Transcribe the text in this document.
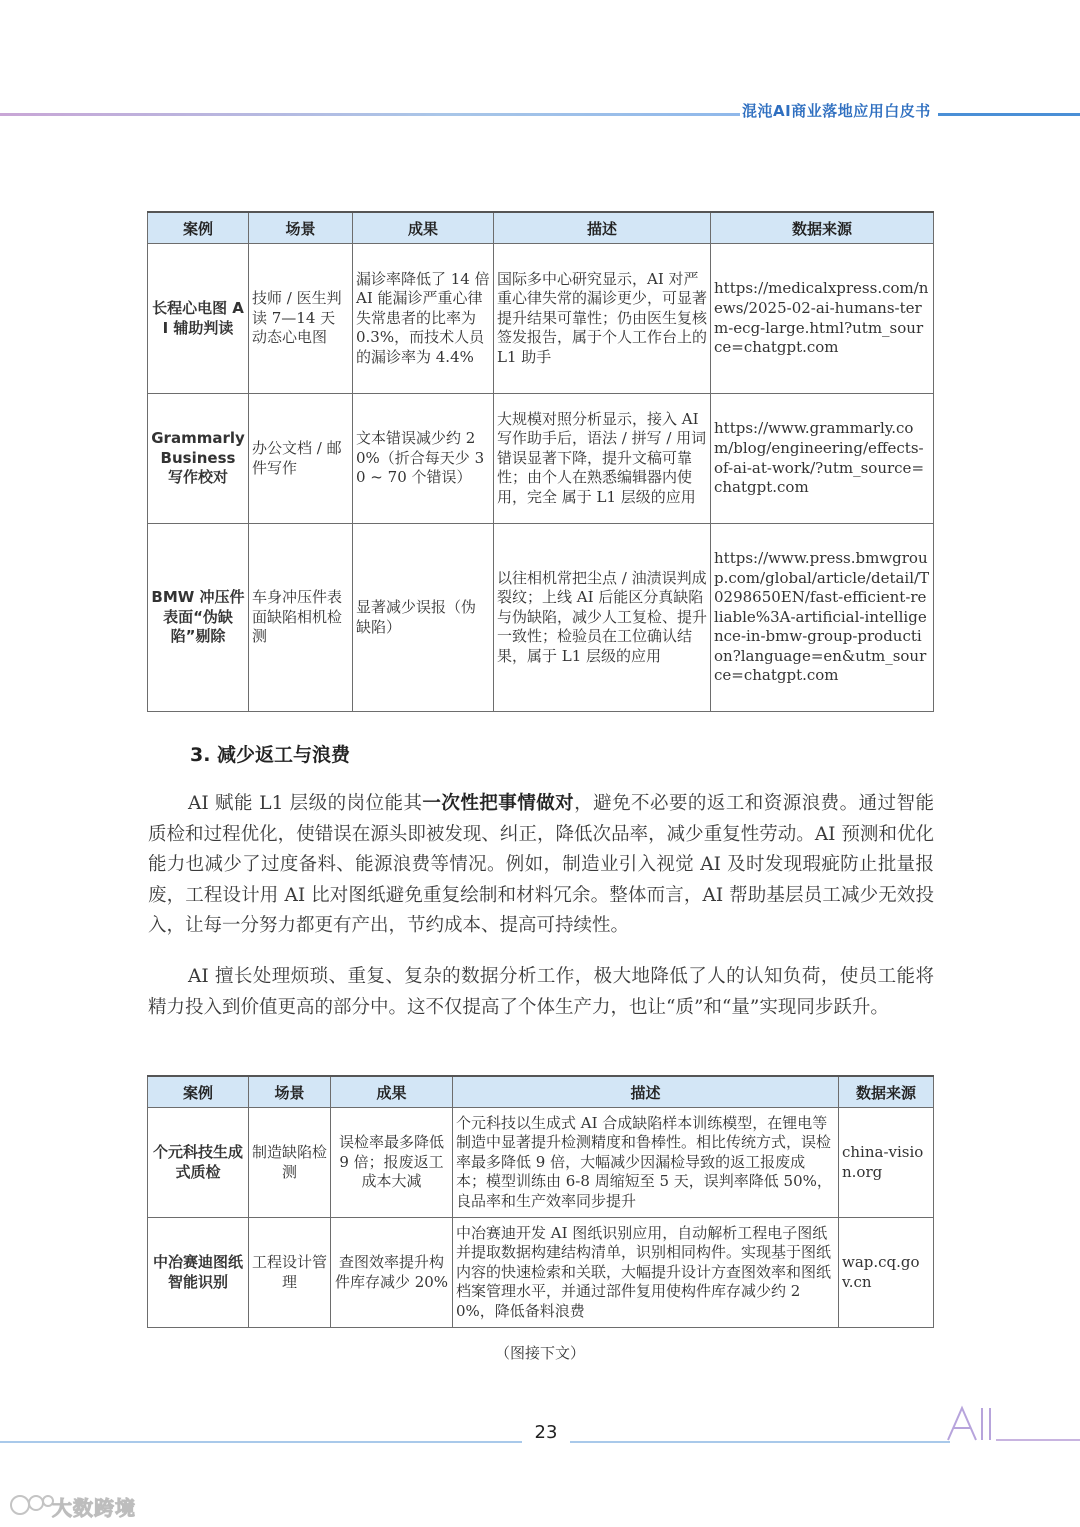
混沌AI商业落地应用白皮书
案例	场景	成果	描述	数据来源
长程心电图 AI 辅助判读	技师 / 医生判读 7—14 天动态心电图	漏诊率降低了 14 倍 AI 能漏诊严重心律失常患者的比率为 0.3%，而技术人员的漏诊率为 4.4%	国际多中心研究显示，AI 对严重心律失常的漏诊更少，可显著提升结果可靠性；仍由医生复核签发报告，属于个人工作台上的 L1 助手	https://medicalxpress.com/news/2025-02-ai-humans-term-ecg-large.html?utm_source=chatgpt.com
Grammarly Business 写作校对	办公文档 / 邮件写作	文本错误减少约 20%（折合每天少 30 ~ 70 个错误）	大规模对照分析显示，接入 AI 写作助手后，语法 / 拼写 / 用词错误显著下降，提升文稿可靠性；由个人在熟悉编辑器内使用，完全 属于 L1 层级的应用	https://www.grammarly.com/blog/engineering/effects-of-ai-at-work/?utm_source=chatgpt.com
BMW 冲压件表面“伪缺陷”剔除	车身冲压件表面缺陷相机检测	显著减少误报（伪缺陷）	以往相机常把尘点 / 油渍误判成裂纹；上线 AI 后能区分真缺陷与伪缺陷，减少人工复检、提升一致性；检验员在工位确认结果，属于 L1 层级的应用	https://www.press.bmwgroup.com/global/article/detail/T0298650EN/fast-efficient-reliable%3A-artificial-intelligence-in-bmw-group-production?language=en&utm_source=chatgpt.com
3. 减少返工与浪费

AI 赋能 L1 层级的岗位能其一次性把事情做对，避免不必要的返工和资源浪费。通过智能质检和过程优化，使错误在源头即被发现、纠正，降低次品率，减少重复性劳动。AI 预测和优化能力也减少了过度备料、能源浪费等情况。例如，制造业引入视觉 AI 及时发现瑕疵防止批量报废，工程设计用 AI 比对图纸避免重复绘制和材料冗余。整体而言，AI 帮助基层员工减少无效投入，让每一分努力都更有产出，节约成本、提高可持续性。

AI 擅长处理烦琐、重复、复杂的数据分析工作，极大地降低了人的认知负荷，使员工能将精力投入到价值更高的部分中。这不仅提高了个体生产力，也让“质”和“量”实现同步跃升。

案例	场景	成果	描述	数据来源
个元科技生成式质检	制造缺陷检测	误检率最多降低 9 倍；报废返工成本大减	个元科技以生成式 AI 合成缺陷样本训练模型，在锂电等制造中显著提升检测精度和鲁棒性。相比传统方式，误检率最多降低 9 倍，大幅减少因漏检导致的返工报废成本；模型训练由 6-8 周缩短至 5 天，误判率降低 50%，良品率和生产效率同步提升	china-vision.org
中冶赛迪图纸智能识别	工程设计管理	查图效率提升构件库存减少 20%	中冶赛迪开发 AI 图纸识别应用，自动解析工程电子图纸并提取数据构建结构清单，识别相同构件。实现基于图纸内容的快速检索和关联，大幅提升设计方查图效率和图纸档案管理水平，并通过部件复用使构件库存减少约 20%，降低备料浪费	wap.cq.gov.cn
（图接下文）
23
大数跨境
